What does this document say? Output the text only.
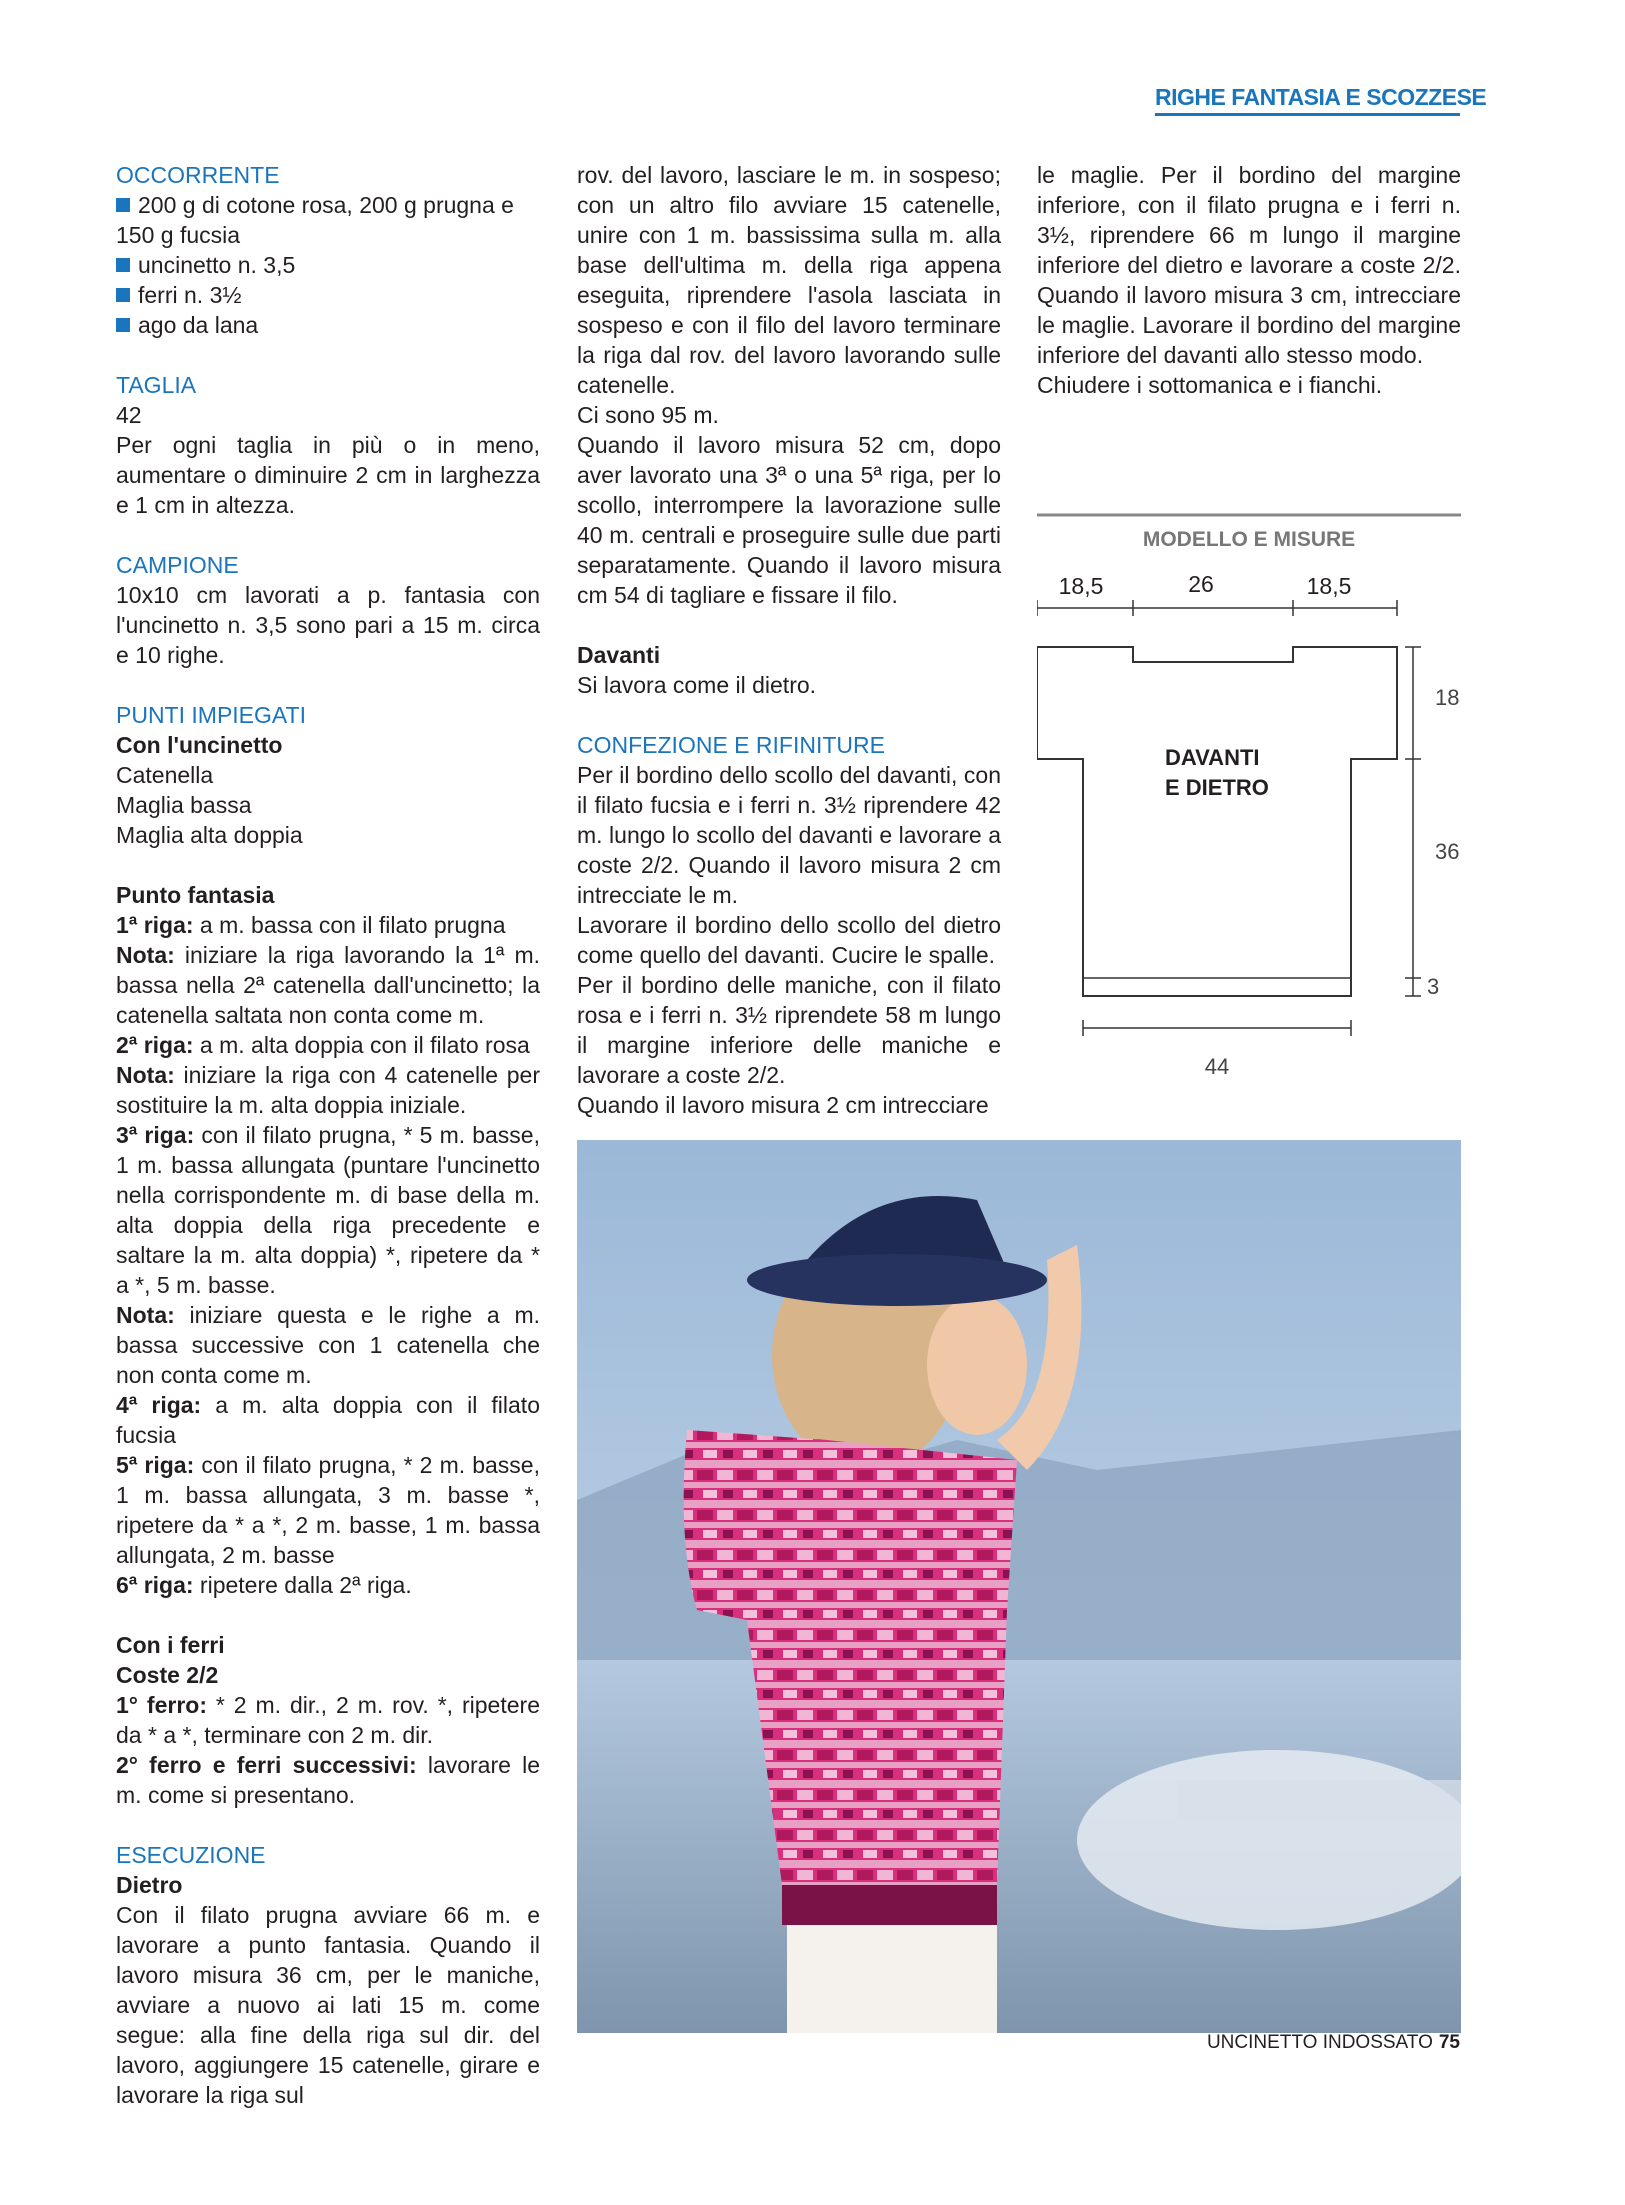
RIGHE FANTASIA E SCOZZESE

OCCORRENTE

200 g di cotone rosa, 200 g prugna e 150 g fucsia

uncinetto n. 3,5

ferri n. 3½

ago da lana

TAGLIA

42

Per ogni taglia in più o in meno, aumentare o diminuire 2 cm in larghezza e 1 cm in altezza.

CAMPIONE

10x10 cm lavorati a p. fantasia con l'uncinetto n. 3,5 sono pari a 15 m. circa e 10 righe.

PUNTI IMPIEGATI

Con l'uncinetto

Catenella

Maglia bassa

Maglia alta doppia

Punto fantasia

1ª riga: a m. bassa con il filato prugna

Nota: iniziare la riga lavorando la 1ª m. bassa nella 2ª catenella dall'uncinetto; la catenella saltata non conta come m.

2ª riga: a m. alta doppia con il filato rosa

Nota: iniziare la riga con 4 catenelle per sostituire la m. alta doppia iniziale.

3ª riga: con il filato prugna, * 5 m. basse, 1 m. bassa allungata (puntare l'uncinetto nella corrispondente m. di base della m. alta doppia della riga precedente e saltare la m. alta doppia) *, ripetere da * a *, 5 m. basse.

Nota: iniziare questa e le righe a m. bassa successive con 1 catenella che non conta come m.

4ª riga: a m. alta doppia con il filato fucsia

5ª riga: con il filato prugna, * 2 m. basse, 1 m. bassa allungata, 3 m. basse *, ripetere da * a *, 2 m. basse, 1 m. bassa allungata, 2 m. basse

6ª riga: ripetere dalla 2ª riga.

Con i ferri

Coste 2/2

1° ferro: * 2 m. dir., 2 m. rov. *, ripetere da * a *, terminare con 2 m. dir.

2° ferro e ferri successivi: lavorare le m. come si presentano.

ESECUZIONE

Dietro

Con il filato prugna avviare 66 m. e lavorare a punto fantasia. Quando il lavoro misura 36 cm, per le maniche, avviare a nuovo ai lati 15 m. come segue: alla fine della riga sul dir. del lavoro, aggiungere 15 catenelle, girare e lavorare la riga sul

rov. del lavoro, lasciare le m. in sospeso; con un altro filo avviare 15 catenelle, unire con 1 m. bassissima sulla m. alla base dell'ultima m. della riga appena eseguita, riprendere l'asola lasciata in sospeso e con il filo del lavoro terminare la riga dal rov. del lavoro lavorando sulle catenelle.

Ci sono 95 m.

Quando il lavoro misura 52 cm, dopo aver lavorato una 3ª o una 5ª riga, per lo scollo, interrompere la lavorazione sulle 40 m. centrali e proseguire sulle due parti separatamente. Quando il lavoro misura cm 54 di tagliare e fissare il filo.

Davanti

Si lavora come il dietro.

CONFEZIONE E RIFINITURE

Per il bordino dello scollo del davanti, con il filato fucsia e i ferri n. 3½ riprendere 42 m. lungo lo scollo del davanti e lavorare a coste 2/2. Quando il lavoro misura 2 cm intrecciate le m.

Lavorare il bordino dello scollo del dietro come quello del davanti. Cucire le spalle.

Per il bordino delle maniche, con il filato rosa e i ferri n. 3½ riprendete 58 m lungo il margine inferiore delle maniche e lavorare a coste 2/2.

Quando il lavoro misura 2 cm intrecciare

le maglie. Per il bordino del margine inferiore, con il filato prugna e i ferri n. 3½, riprendere 66 m lungo il margine inferiore del dietro e lavorare a coste 2/2. Quando il lavoro misura 3 cm, intrecciare le maglie. Lavorare il bordino del margine inferiore del davanti allo stesso modo.

Chiudere i sottomanica e i fianchi.

MODELLO E MISURE
18,5	26	18,5
18
36
3
44
DAVANTI
E DIETRO
UNCINETTO INDOSSATO 75
